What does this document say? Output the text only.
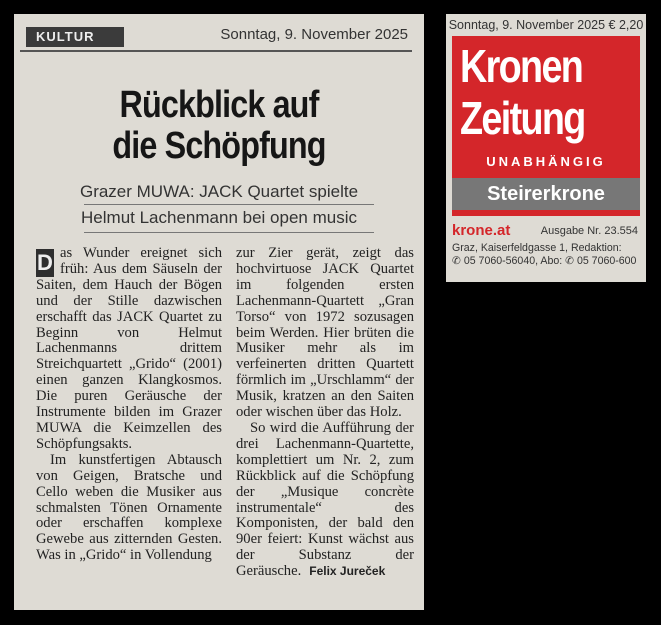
KULTUR	Sonntag, 9. November 2025
Rückblick auf
die Schöpfung
Grazer MUWA: JACK Quartet spielte
Helmut Lachenmann bei open music

D as Wunder ereignet sich früh: Aus dem Säuseln der Saiten, dem Hauch der Bögen und der Stille dazwischen erschafft das JACK Quartet zu Beginn von Helmut Lachenmanns drittem Streichquartett „Grido“ (2001) einen ganzen Klangkosmos. Die puren Geräusche der Instrumente bilden im Grazer MUWA die Keimzellen des Schöpfungsakts.

Im kunstfertigen Abtausch von Geigen, Bratsche und Cello weben die Musiker aus schmalsten Tönen Ornamente oder erschaffen komplexe Gewebe aus zitternden Gesten. Was in „Grido“ in Vollendung

zur Zier gerät, zeigt das hochvirtuose JACK Quartet im folgenden ersten Lachenmann-Quartett „Gran Torso“ von 1972 sozusagen beim Werden. Hier brüten die Musiker mehr als im verfeinerten dritten Quartett förmlich im „Urschlamm“ der Musik, kratzen an den Saiten oder wischen über das Holz.

So wird die Aufführung der drei Lachenmann-Quartette, komplettiert um Nr. 2, zum Rückblick auf die Schöpfung der „Musique concrète instrumentale“ des Komponisten, der bald den 90er feiert: Kunst wächst aus der Substanz der Geräusche. Felix Jureček

Sonntag, 9. November 2025 € 2,20
Kronen
Zeitung
UNABHÄNGIG
Steirerkrone
krone.at	Ausgabe Nr. 23.554
Graz, Kaiserfeldgasse 1, Redaktion:
✆ 05 7060-56040, Abo: ✆ 05 7060-600
